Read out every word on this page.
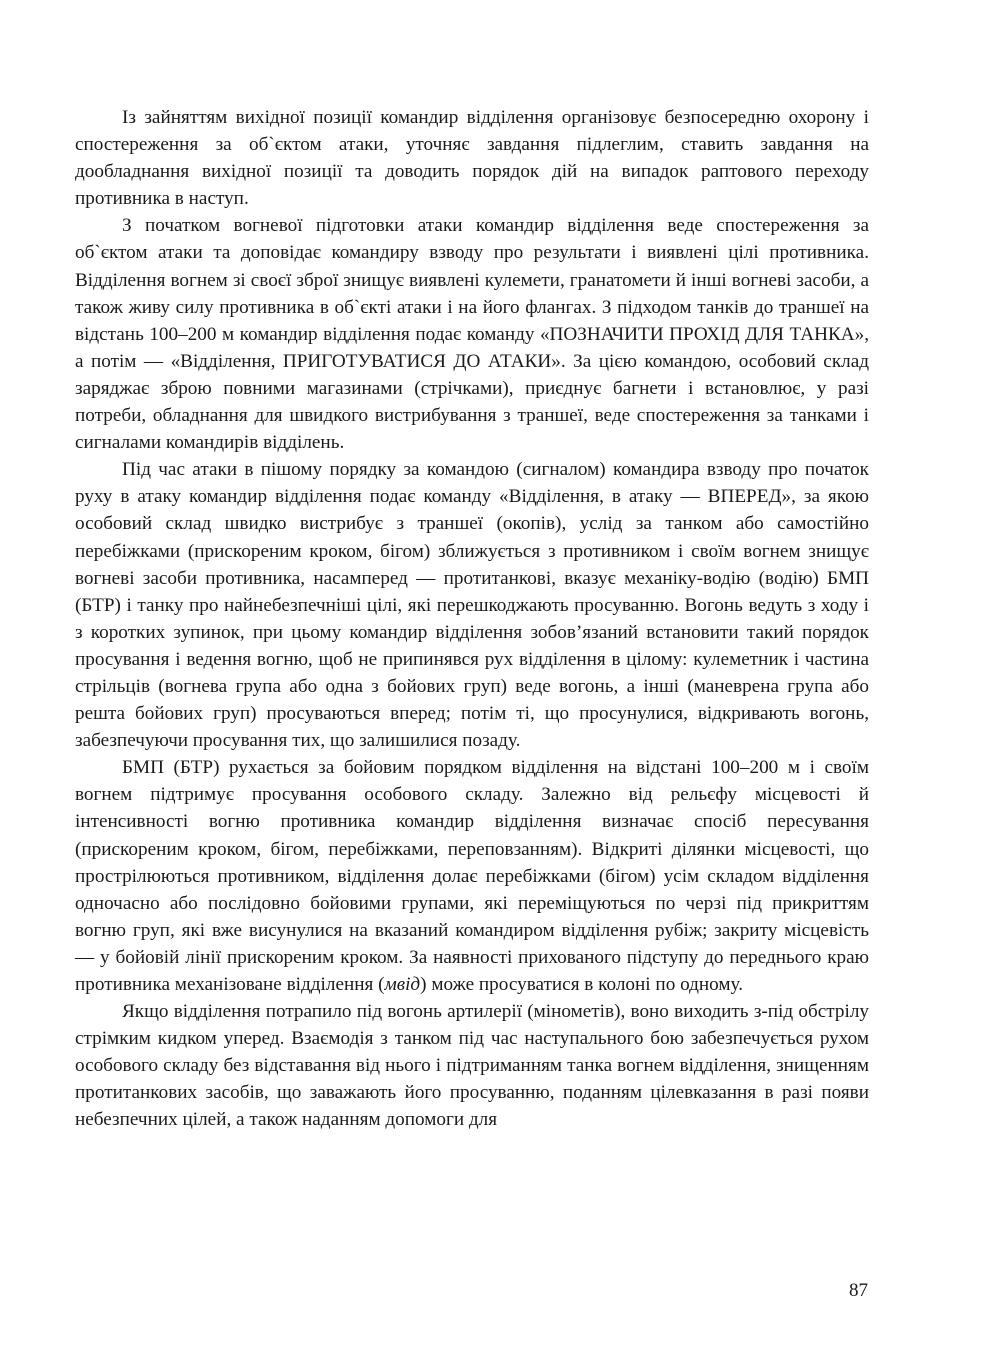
Із зайняттям вихідної позиції командир відділення організовує безпосередню охорону і спостереження за об`єктом атаки, уточняє завдання підлеглим, ставить завдання на дообладнання вихідної позиції та доводить порядок дій на випадок раптового переходу противника в наступ.

З початком вогневої підготовки атаки командир відділення веде спостереження за об`єктом атаки та доповідає командиру взводу про результати і виявлені цілі противника. Відділення вогнем зі своєї зброї знищує виявлені кулемети, гранатомети й інші вогневі засоби, а також живу силу противника в об`єкті атаки і на його флангах. З підходом танків до траншеї на відстань 100–200 м командир відділення подає команду «ПОЗНАЧИТИ ПРОХІД ДЛЯ ТАНКА», а потім — «Відділення, ПРИГОТУВАТИСЯ ДО АТАКИ». За цією командою, особовий склад заряджає зброю повними магазинами (стрічками), приєднує багнети і встановлює, у разі потреби, обладнання для швидкого вистрибування з траншеї, веде спостереження за танками і сигналами командирів відділень.

Під час атаки в пішому порядку за командою (сигналом) командира взводу про початок руху в атаку командир відділення подає команду «Відділення, в атаку — ВПЕРЕД», за якою особовий склад швидко вистрибує з траншеї (окопів), услід за танком або самостійно перебіжками (прискореним кроком, бігом) зближується з противником і своїм вогнем знищує вогневі засоби противника, насамперед — протитанкові, вказує механіку-водію (водію) БМП (БТР) і танку про найнебезпечніші цілі, які перешкоджають просуванню. Вогонь ведуть з ходу і з коротких зупинок, при цьому командир відділення зобов’язаний встановити такий порядок просування і ведення вогню, щоб не припинявся рух відділення в цілому: кулеметник і частина стрільців (вогнева група або одна з бойових груп) веде вогонь, а інші (маневрена група або решта бойових груп) просуваються вперед; потім ті, що просунулися, відкривають вогонь, забезпечуючи просування тих, що залишилися позаду.

БМП (БТР) рухається за бойовим порядком відділення на відстані 100–200 м і своїм вогнем підтримує просування особового складу. Залежно від рельєфу місцевості й інтенсивності вогню противника командир відділення визначає спосіб пересування (прискореним кроком, бігом, перебіжками, переповзанням). Відкриті ділянки місцевості, що прострілюються противником, відділення долає перебіжками (бігом) усім складом відділення одночасно або послідовно бойовими групами, які переміщуються по черзі під прикриттям вогню груп, які вже висунулися на вказаний командиром відділення рубіж; закриту місцевість — у бойовій лінії прискореним кроком. За наявності прихованого підступу до переднього краю противника механізоване відділення (мвід) може просуватися в колоні по одному.

Якщо відділення потрапило під вогонь артилерії (мінометів), воно виходить з-під обстрілу стрімким кидком уперед. Взаємодія з танком під час наступального бою забезпечується рухом особового складу без відставання від нього і підтриманням танка вогнем відділення, знищенням протитанкових засобів, що заважають його просуванню, поданням цілевказання в разі появи небезпечних цілей, а також наданням допомоги для

87
